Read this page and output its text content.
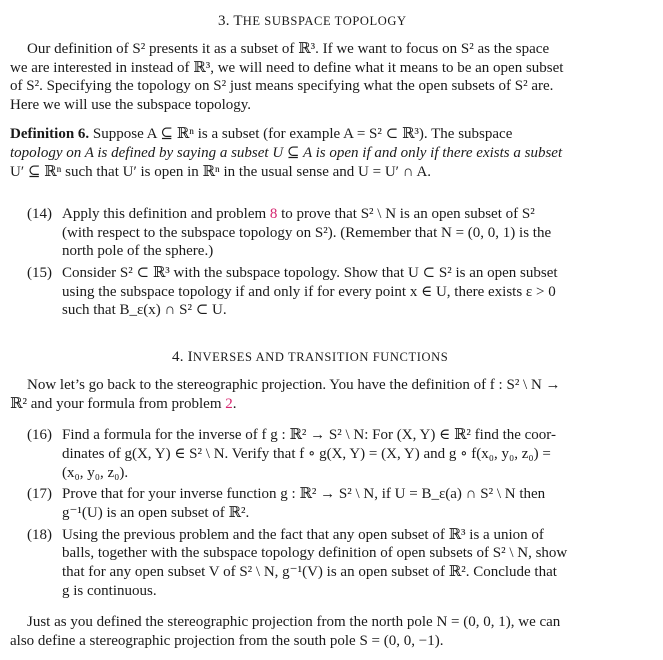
3. THE SUBSPACE TOPOLOGY
Our definition of S² presents it as a subset of ℝ³. If we want to focus on S² as the space
we are interested in instead of ℝ³, we will need to define what it means to be an open subset
of S². Specifying the topology on S² just means specifying what the open subsets of S² are.
Here we will use the subspace topology.
Definition 6. Suppose A ⊆ ℝⁿ is a subset (for example A = S² ⊂ ℝ³). The subspace
topology on A is defined by saying a subset U ⊆ A is open if and only if there exists a subset
U′ ⊆ ℝⁿ such that U′ is open in ℝⁿ in the usual sense and U = U′ ∩ A.
(14) Apply this definition and problem 8 to prove that S² \ N is an open subset of S²
(with respect to the subspace topology on S²). (Remember that N = (0, 0, 1) is the
north pole of the sphere.)
(15) Consider S² ⊂ ℝ³ with the subspace topology. Show that U ⊂ S² is an open subset
using the subspace topology if and only if for every point x ∈ U, there exists ε > 0
such that B_ε(x) ∩ S² ⊂ U.
4. INVERSES AND TRANSITION FUNCTIONS
Now let’s go back to the stereographic projection. You have the definition of f : S² \ N →
ℝ² and your formula from problem 2.
(16) Find a formula for the inverse of f g : ℝ² → S² \ N: For (X, Y) ∈ ℝ² find the coor-
dinates of g(X, Y) ∈ S² \ N. Verify that f ∘ g(X, Y) = (X, Y) and g ∘ f(x₀, y₀, z₀) =
(x₀, y₀, z₀).
(17) Prove that for your inverse function g : ℝ² → S² \ N, if U = B_ε(a) ∩ S² \ N then
g⁻¹(U) is an open subset of ℝ².
(18) Using the previous problem and the fact that any open subset of ℝ³ is a union of
balls, together with the subspace topology definition of open subsets of S² \ N, show
that for any open subset V of S² \ N, g⁻¹(V) is an open subset of ℝ². Conclude that
g is continuous.
Just as you defined the stereographic projection from the north pole N = (0, 0, 1), we can
also define a stereographic projection from the south pole S = (0, 0, −1).
